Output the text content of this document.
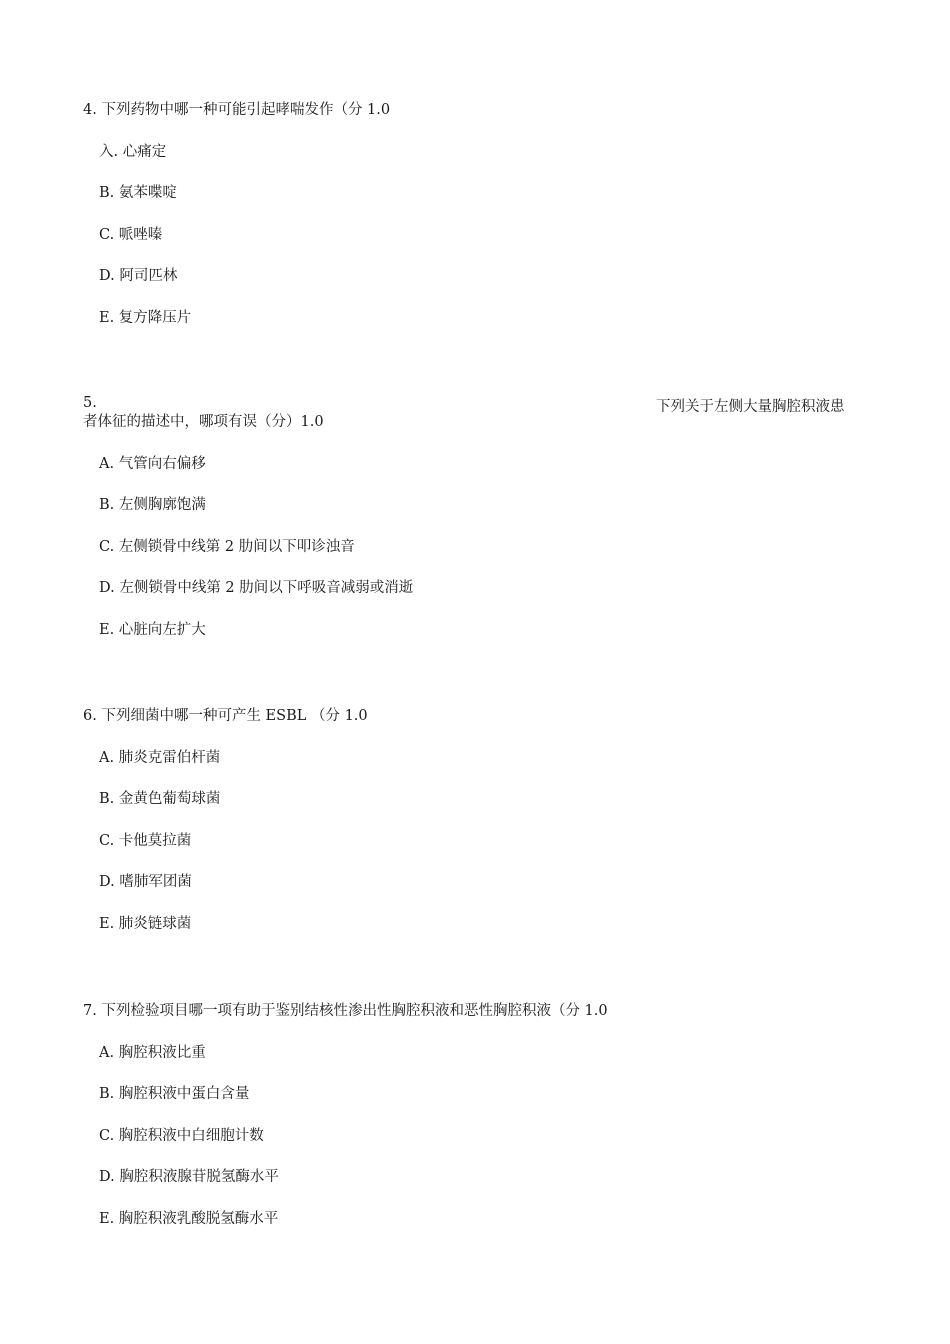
4. 下列药物中哪一种可能引起哮喘发作（分 1.0

入. 心痛定
B. 氨苯喋啶
C. 哌唑嗪
D. 阿司匹林
E. 复方降压片
5.	下列关于左侧大量胸腔积液患

者体征的描述中，哪项有误（分）1.0

A. 气管向右偏移
B. 左侧胸廓饱满
C. 左侧锁骨中线第 2 肋间以下叩诊浊音
D. 左侧锁骨中线第 2 肋间以下呼吸音减弱或消逝
E. 心脏向左扩大

6. 下列细菌中哪一种可产生 ESBL （分 1.0

A. 肺炎克雷伯杆菌
B. 金黄色葡萄球菌
C. 卡他莫拉菌
D. 嗜肺军团菌
E. 肺炎链球菌

7. 下列检验项目哪一项有助于鉴别结核性渗出性胸腔积液和恶性胸腔积液（分 1.0

A. 胸腔积液比重
B. 胸腔积液中蛋白含量
C. 胸腔积液中白细胞计数
D. 胸腔积液腺苷脱氢酶水平
E. 胸腔积液乳酸脱氢酶水平
